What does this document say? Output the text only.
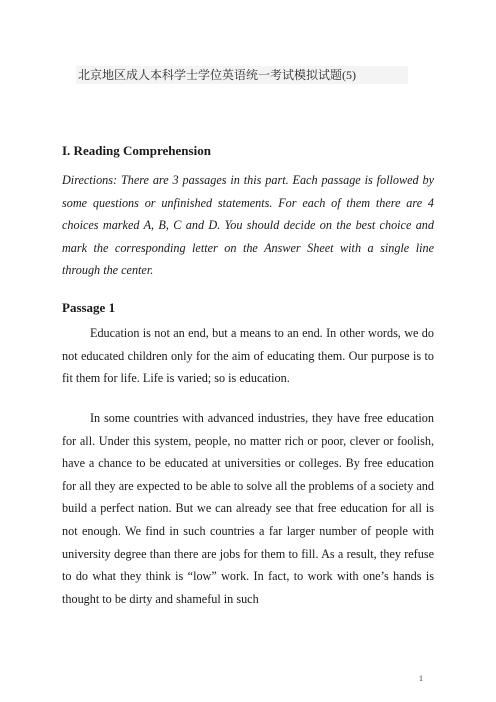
北京地区成人本科学士学位英语统一考试模拟试题(5)
I. Reading Comprehension
Directions: There are 3 passages in this part. Each passage is followed by some questions or unfinished statements. For each of them there are 4 choices marked A, B, C and D. You should decide on the best choice and mark the corresponding letter on the Answer Sheet with a single line through the center.
Passage 1

Education is not an end, but a means to an end. In other words, we do not educated children only for the aim of educating them. Our purpose is to fit them for life. Life is varied; so is education.

In some countries with advanced industries, they have free education for all. Under this system, people, no matter rich or poor, clever or foolish, have a chance to be educated at universities or colleges. By free education for all they are expected to be able to solve all the problems of a society and build a perfect nation. But we can already see that free education for all is not enough. We find in such countries a far larger number of people with university degree than there are jobs for them to fill. As a result, they refuse to do what they think is “low” work. In fact, to work with one’s hands is thought to be dirty and shameful in such

1
